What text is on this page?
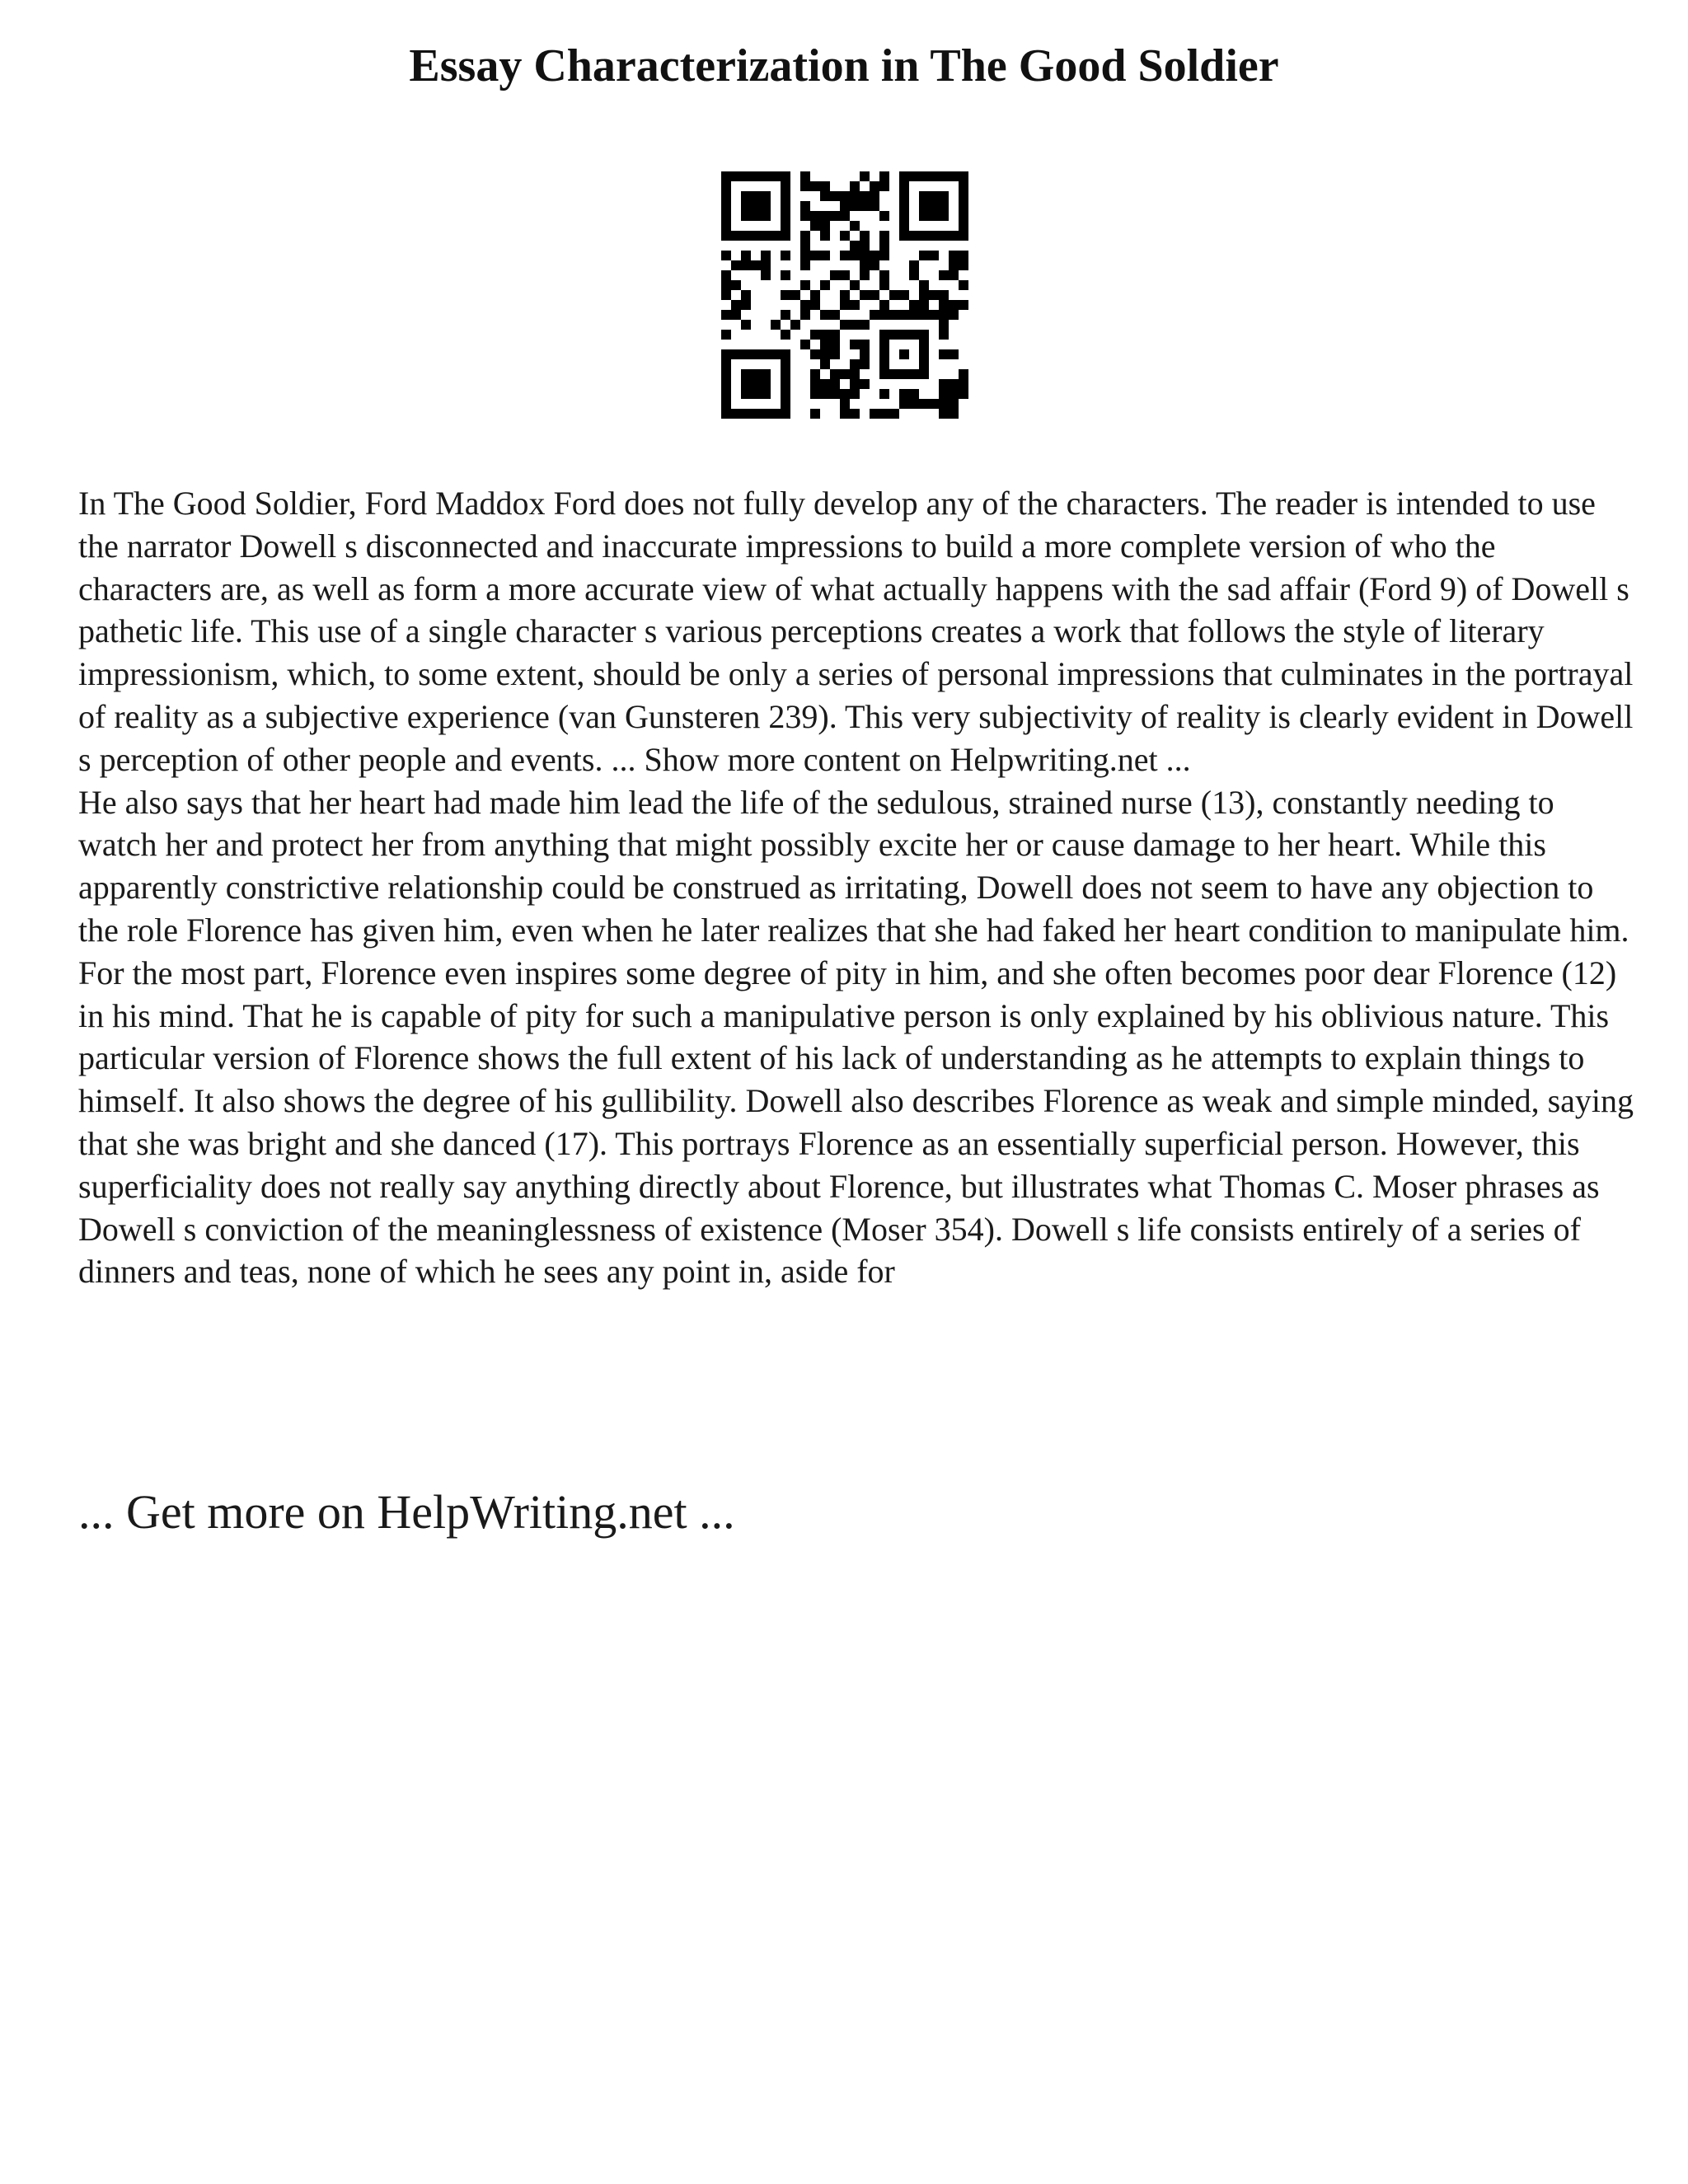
Essay Characterization in The Good Soldier

In The Good Soldier, Ford Maddox Ford does not fully develop any of the characters. The reader is intended to use the narrator Dowell s disconnected and inaccurate impressions to build a more complete version of who the characters are, as well as form a more accurate view of what actually happens with the sad affair (Ford 9) of Dowell s pathetic life. This use of a single character s various perceptions creates a work that follows the style of literary impressionism, which, to some extent, should be only a series of personal impressions that culminates in the portrayal of reality as a subjective experience (van Gunsteren 239). This very subjectivity of reality is clearly evident in Dowell s perception of other people and events. ... Show more content on Helpwriting.net ...

He also says that her heart had made him lead the life of the sedulous, strained nurse (13), constantly needing to watch her and protect her from anything that might possibly excite her or cause damage to her heart. While this apparently constrictive relationship could be construed as irritating, Dowell does not seem to have any objection to the role Florence has given him, even when he later realizes that she had faked her heart condition to manipulate him. For the most part, Florence even inspires some degree of pity in him, and she often becomes poor dear Florence (12) in his mind. That he is capable of pity for such a manipulative person is only explained by his oblivious nature. This particular version of Florence shows the full extent of his lack of understanding as he attempts to explain things to himself. It also shows the degree of his gullibility. Dowell also describes Florence as weak and simple minded, saying that she was bright and she danced (17). This portrays Florence as an essentially superficial person. However, this superficiality does not really say anything directly about Florence, but illustrates what Thomas C. Moser phrases as Dowell s conviction of the meaninglessness of existence (Moser 354). Dowell s life consists entirely of a series of dinners and teas, none of which he sees any point in, aside for

... Get more on HelpWriting.net ...
